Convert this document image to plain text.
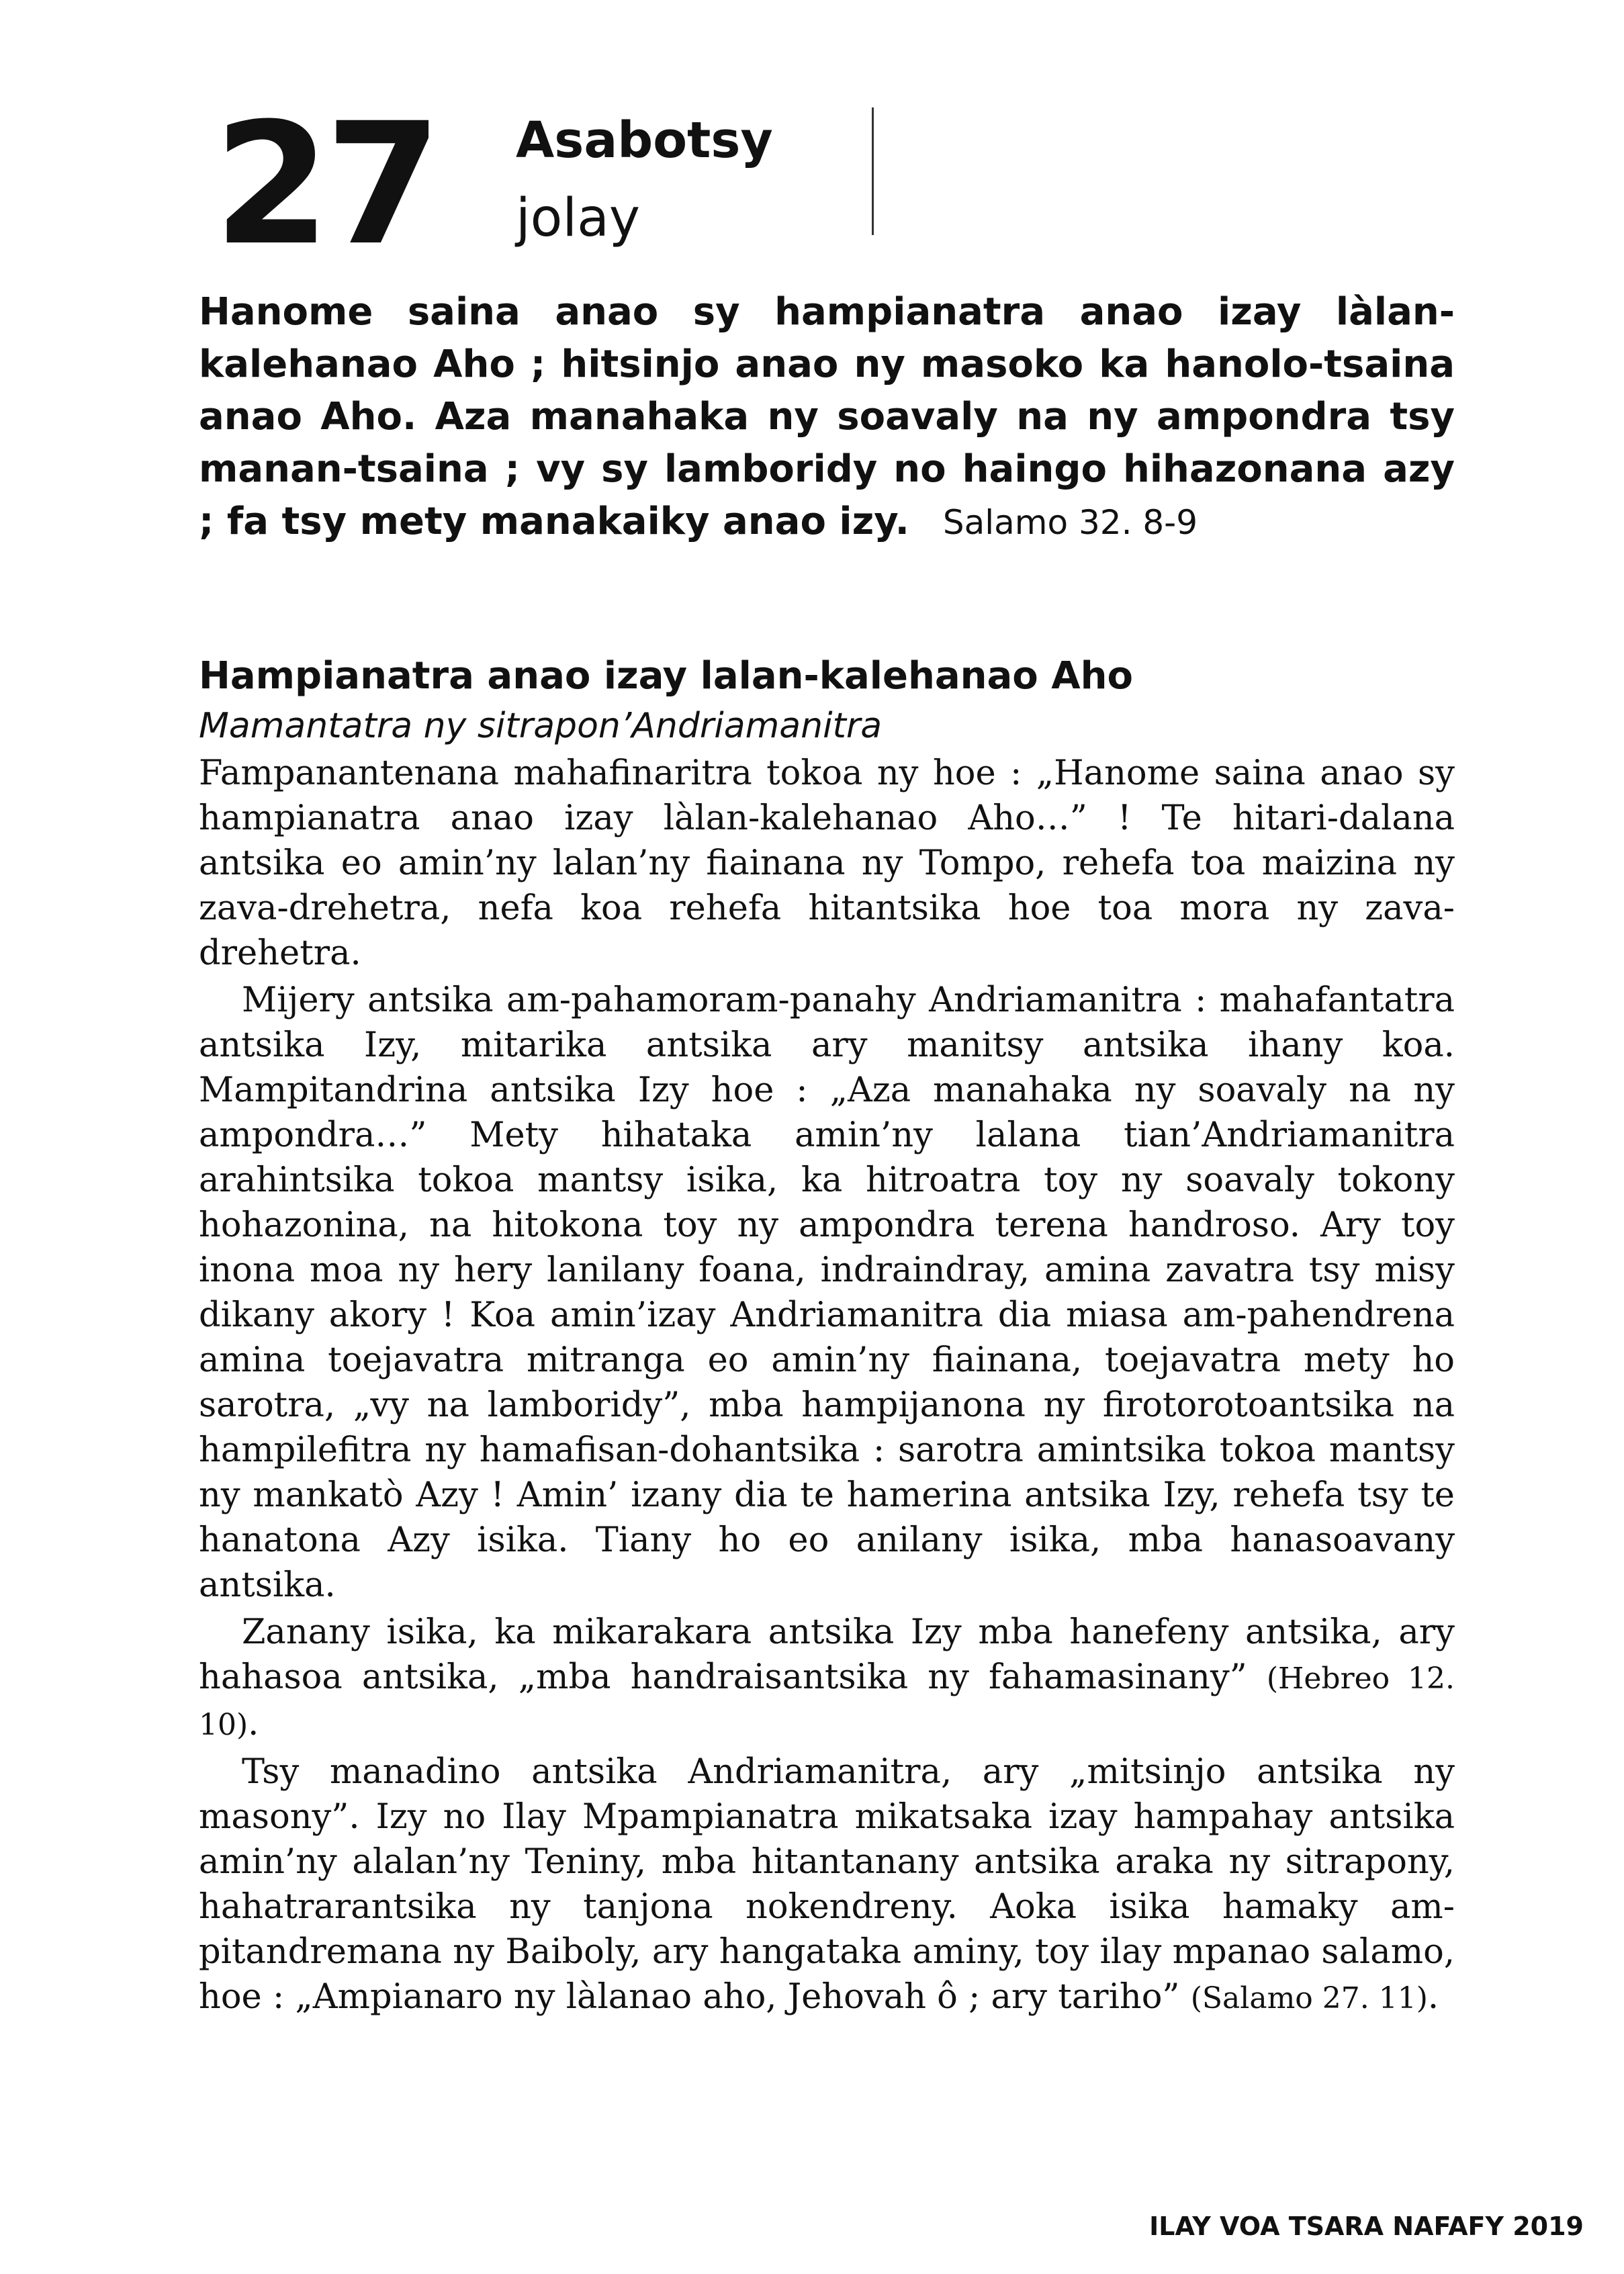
27 Asabotsy
jolay
Hanome saina anao sy hampianatra anao izay làlan-kalehanao Aho ; hitsinjo anao ny masoko ka hanolo-tsaina anao Aho. Aza manahaka ny soavaly na ny ampondra tsy manan-tsaina ; vy sy lamboridy no haingo hihazonana azy ; fa tsy mety manakaiky anao izy. Salamo 32. 8-9
Hampianatra anao izay lalan-kalehanao Aho
Mamantatra ny sitrapon’Andriamanitra

Fampanantenana mahafinaritra tokoa ny hoe : „Hanome saina anao sy hampianatra anao izay làlan-kalehanao Aho…” ! Te hitari-dalana antsika eo amin’ny lalan’ny fiainana ny Tompo, rehefa toa maizina ny zava-drehetra, nefa koa rehefa hitantsika hoe toa mora ny zava-drehetra.

Mijery antsika am-pahamoram-panahy Andriamanitra : mahafantatra antsika Izy, mitarika antsika ary manitsy antsika ihany koa. Mampitandrina antsika Izy hoe : „Aza manahaka ny soavaly na ny ampondra…” Mety hihataka amin’ny lalana tian’Andriamanitra arahintsika tokoa mantsy isika, ka hitroatra toy ny soavaly tokony hohazonina, na hitokona toy ny ampondra terena handroso. Ary toy inona moa ny hery lanilany foana, indraindray, amina zavatra tsy misy dikany akory ! Koa amin’izay Andriamanitra dia miasa am-pahendrena amina toejavatra mitranga eo amin’ny fiainana, toejavatra mety ho sarotra, „vy na lamboridy”, mba hampijanona ny firotorotoantsika na hampilefitra ny hamafisan-dohantsika : sarotra amintsika tokoa mantsy ny mankatò Azy ! Amin’ izany dia te hamerina antsika Izy, rehefa tsy te hanatona Azy isika. Tiany ho eo anilany isika, mba hanasoavany antsika.

Zanany isika, ka mikarakara antsika Izy mba hanefeny antsika, ary hahasoa antsika, „mba handraisantsika ny fahamasinany” (Hebreo 12. 10).

Tsy manadino antsika Andriamanitra, ary „mitsinjo antsika ny masony”. Izy no Ilay Mpampianatra mikatsaka izay hampahay antsika amin’ny alalan’ny Teniny, mba hitantanany antsika araka ny sitrapony, hahatrarantsika ny tanjona nokendreny. Aoka isika hamaky am-pitandremana ny Baiboly, ary hangataka aminy, toy ilay mpanao salamo, hoe : „Ampianaro ny làlanao aho, Jehovah ô ; ary tariho” (Salamo 27. 11).

ILAY VOA TSARA NAFAFY 2019
